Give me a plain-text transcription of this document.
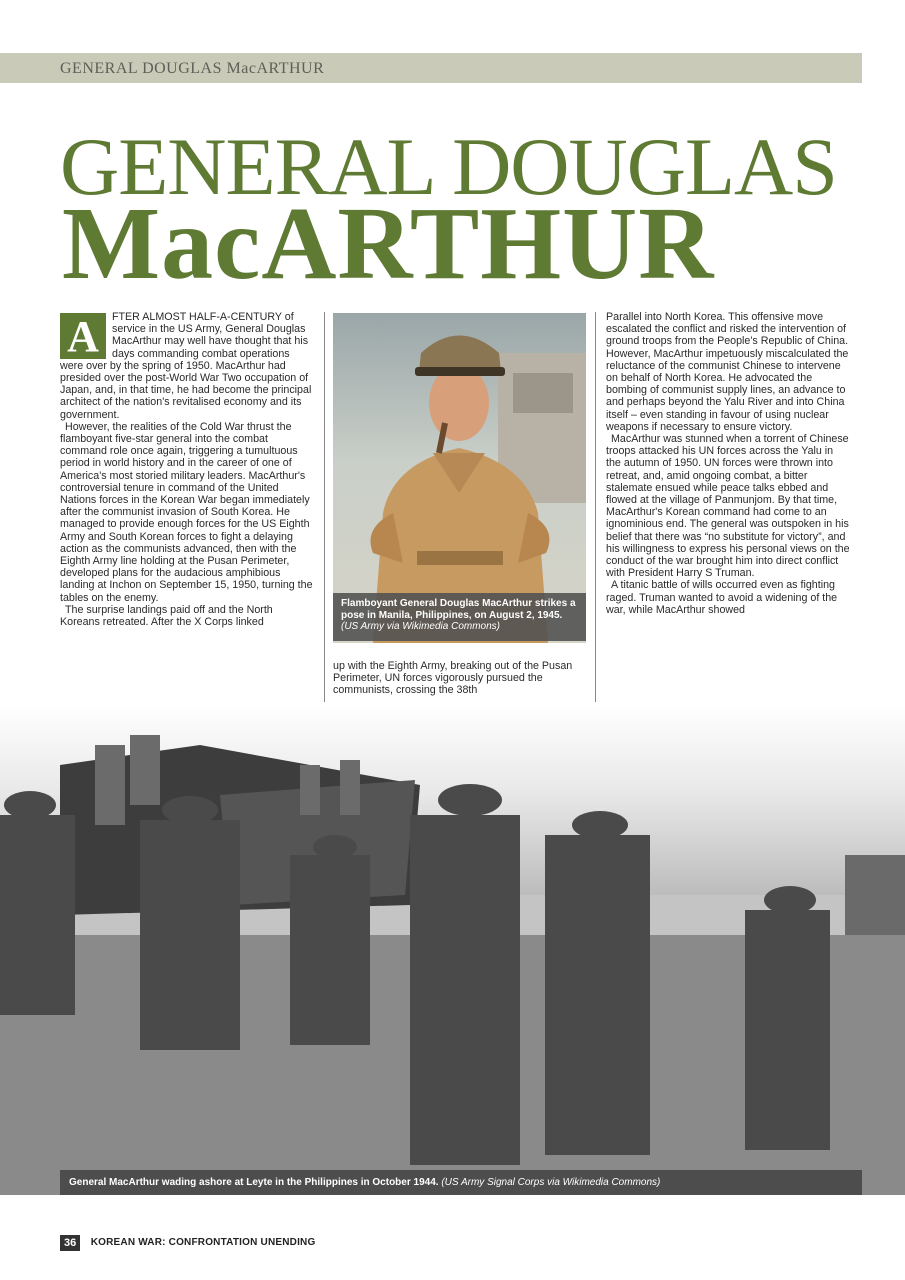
GENERAL DOUGLAS MacARTHUR
GENERAL DOUGLAS
MacARTHUR
A	FTER ALMOST HALF-A-CENTURY of service in the US Army, General Douglas MacArthur may well have thought that his days commanding combat operations were over by the spring of 1950. MacArthur had presided over the post-World War Two occupation of Japan, and, in that time, he had become the principal architect of the nation's revitalised economy and its government.

However, the realities of the Cold War thrust the flamboyant five-star general into the combat command role once again, triggering a tumultuous period in world history and in the career of one of America's most storied military leaders. MacArthur's controversial tenure in command of the United Nations forces in the Korean War began immediately after the communist invasion of South Korea. He managed to provide enough forces for the US Eighth Army and South Korean forces to fight a delaying action as the communists advanced, then with the Eighth Army line holding at the Pusan Perimeter, developed plans for the audacious amphibious landing at Inchon on September 15, 1950, turning the tables on the enemy.

The surprise landings paid off and the North Koreans retreated. After the X Corps linked

Flamboyant General Douglas MacArthur strikes a pose in Manila, Philippines, on August 2, 1945. (US Army via Wikimedia Commons)

up with the Eighth Army, breaking out of the Pusan Perimeter, UN forces vigorously pursued the communists, crossing the 38th

Parallel into North Korea. This offensive move escalated the conflict and risked the intervention of ground troops from the People's Republic of China. However, MacArthur impetuously miscalculated the reluctance of the communist Chinese to intervene on behalf of North Korea. He advocated the bombing of communist supply lines, an advance to and perhaps beyond the Yalu River and into China itself – even standing in favour of using nuclear weapons if necessary to ensure victory.

MacArthur was stunned when a torrent of Chinese troops attacked his UN forces across the Yalu in the autumn of 1950. UN forces were thrown into retreat, and, amid ongoing combat, a bitter stalemate ensued while peace talks ebbed and flowed at the village of Panmunjom. By that time, MacArthur's Korean command had come to an ignominious end. The general was outspoken in his belief that there was “no substitute for victory”, and his willingness to express his personal views on the conduct of the war brought him into direct conflict with President Harry S Truman.

A titanic battle of wills occurred even as fighting raged. Truman wanted to avoid a widening of the war, while MacArthur showed

General MacArthur wading ashore at Leyte in the Philippines in October 1944. (US Army Signal Corps via Wikimedia Commons)
36 KOREAN WAR: CONFRONTATION UNENDING
